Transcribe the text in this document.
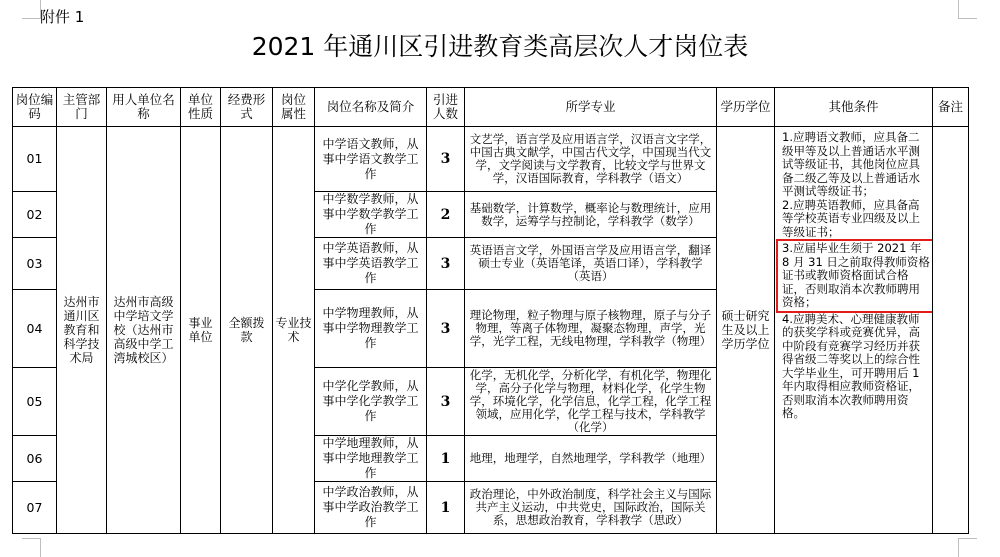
附件 1
2021 年通川区引进教育类高层次人才岗位表
岗位编码	主管部门	用人单位名称	单位性质	经费形式	岗位属性	岗位名称及简介	引进人数	所学专业	学历学位	其他条件	备注
01	达州市通川区教育和科学技术局	达州市高级中学培文学校（达州市高级中学工湾城校区）	事业单位	全额拨款	专业技术	中学语文教师，从事中学语文教学工作	3	文艺学，语言学及应用语言学，汉语言文字学，中国古典文献学，中国古代文学，中国现当代文学，文学阅读与文学教育，比较文学与世界文学，汉语国际教育，学科教学（语文）	硕士研究生及以上学历学位	1.应聘语文教师，应具备二级甲等及以上普通话水平测试等级证书，其他岗位应具备二级乙等及以上普通话水平测试等级证书；
2.应聘英语教师，应具备高等学校英语专业四级及以上等级证书；
3.应届毕业生须于 2021 年 8 月 31 日之前取得教师资格证书或教师资格面试合格证，否则取消本次教师聘用资格；
4.应聘美术、心理健康教师的获奖学科或竞赛优异，高中阶段有竞赛学习经历并获得省级二等奖以上的综合性大学毕业生，可开聘用后 1 年内取得相应教师资格证，否则取消本次教师聘用资格。	

02						中学数学教师，从事中学数学教学工作	2	基础数学，计算数学，概率论与数理统计，应用数学，运筹学与控制论，学科教学（数学）			
03						中学英语教师，从事中学英语教学工作	3	英语语言文学，外国语言学及应用语言学，翻译硕士专业（英语笔译，英语口译），学科教学（英语）			
04						中学物理教师，从事中学物理教学工作	3	理论物理，粒子物理与原子核物理，原子与分子物理，等离子体物理，凝聚态物理，声学，光学，光学工程，无线电物理，学科教学（物理）			
05						中学化学教师，从事中学化学教学工作	3	化学，无机化学，分析化学，有机化学，物理化学，高分子化学与物理，材料化学，化学生物学，环境化学，化学信息，化学工程，化学工程领域，应用化学，化学工程与技术，学科教学（化学）			
06						中学地理教师，从事中学地理教学工作	1	地理，地理学，自然地理学，学科教学（地理）			
07						中学政治教师，从事中学政治教学工作	1	政治理论，中外政治制度，科学社会主义与国际共产主义运动，中共党史，国际政治，国际关系，思想政治教育，学科教学（思政）			
